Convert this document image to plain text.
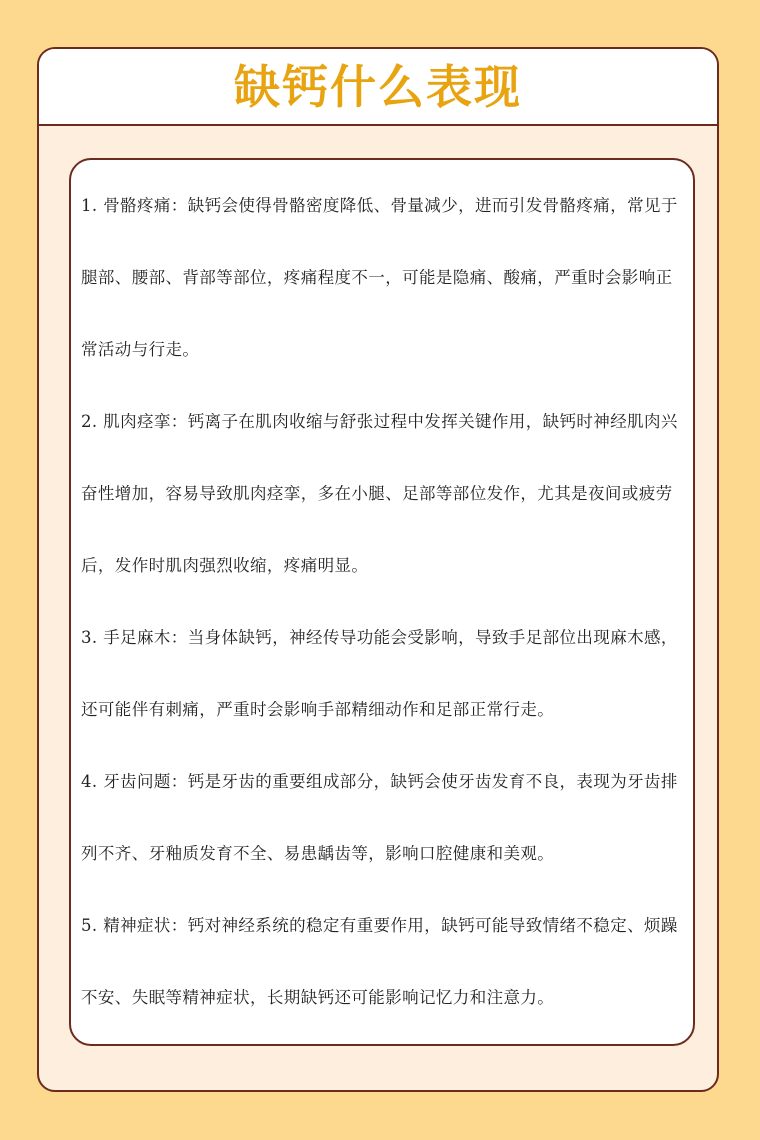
缺钙什么表现
1. 骨骼疼痛：缺钙会使得骨骼密度降低、骨量减少，进而引发骨骼疼痛，常见于腿部、腰部、背部等部位，疼痛程度不一，可能是隐痛、酸痛，严重时会影响正常活动与行走。
2. 肌肉痉挛：钙离子在肌肉收缩与舒张过程中发挥关键作用，缺钙时神经肌肉兴奋性增加，容易导致肌肉痉挛，多在小腿、足部等部位发作，尤其是夜间或疲劳后，发作时肌肉强烈收缩，疼痛明显。
3. 手足麻木：当身体缺钙，神经传导功能会受影响，导致手足部位出现麻木感，还可能伴有刺痛，严重时会影响手部精细动作和足部正常行走。
4. 牙齿问题：钙是牙齿的重要组成部分，缺钙会使牙齿发育不良，表现为牙齿排列不齐、牙釉质发育不全、易患龋齿等，影响口腔健康和美观。
5. 精神症状：钙对神经系统的稳定有重要作用，缺钙可能导致情绪不稳定、烦躁不安、失眠等精神症状，长期缺钙还可能影响记忆力和注意力。
